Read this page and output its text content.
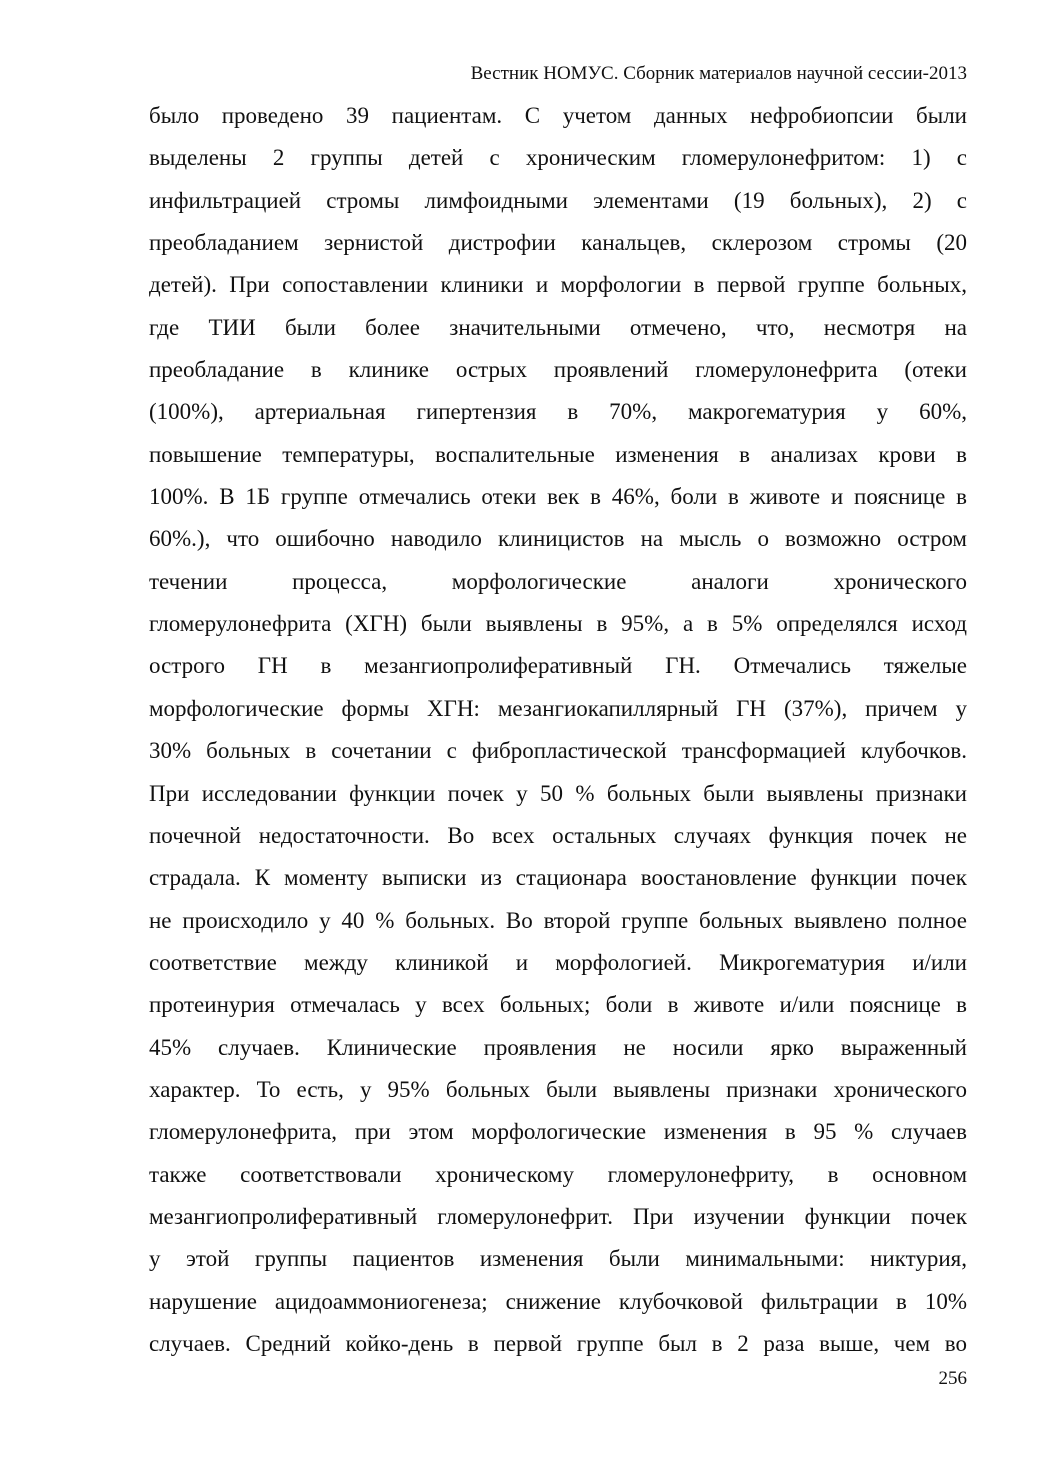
Вестник НОМУС. Сборник материалов научной сессии-2013
было проведено 39 пациентам. С учетом данных нефробиопсии были
выделены 2 группы детей с хроническим гломерулонефритом: 1) с
инфильтрацией стромы лимфоидными элементами (19 больных), 2) с
преобладанием зернистой дистрофии канальцев, склерозом стромы (20
детей). При сопоставлении клиники и морфологии в первой группе больных,
где ТИИ были более значительными отмечено, что, несмотря на
преобладание в клинике острых проявлений гломерулонефрита (отеки
(100%), артериальная гипертензия в 70%, макрогематурия у 60%,
повышение температуры, воспалительные изменения в анализах крови в
100%. В 1Б группе отмечались отеки век в 46%, боли в животе и пояснице в
60%.), что ошибочно наводило клиницистов на мысль о возможно остром
течении процесса, морфологические аналоги хронического
гломерулонефрита (ХГН) были выявлены в 95%, а в 5% определялся исход
острого ГН в мезангиопролиферативный ГН. Отмечались тяжелые
морфологические формы ХГН: мезангиокапиллярный ГН (37%), причем у
30% больных в сочетании с фибропластической трансформацией клубочков.
При исследовании функции почек у 50 % больных были выявлены признаки
почечной недостаточности. Во всех остальных случаях функция почек не
страдала. К моменту выписки из стационара воостановление функции почек
не происходило у 40 % больных. Во второй группе больных выявлено полное
соответствие между клиникой и морфологией. Микрогематурия и/или
протеинурия отмечалась у всех больных; боли в животе и/или пояснице в
45% случаев. Клинические проявления не носили ярко выраженный
характер. То есть, у 95% больных были выявлены признаки хронического
гломерулонефрита, при этом морфологические изменения в 95 % случаев
также соответствовали хроническому гломерулонефриту, в основном
мезангиопролиферативный гломерулонефрит. При изучении функции почек
у этой группы пациентов изменения были минимальными: никтурия,
нарушение ацидоаммониогенеза; снижение клубочковой фильтрации в 10%
случаев. Средний койко-день в первой группе был в 2 раза выше, чем во
256
